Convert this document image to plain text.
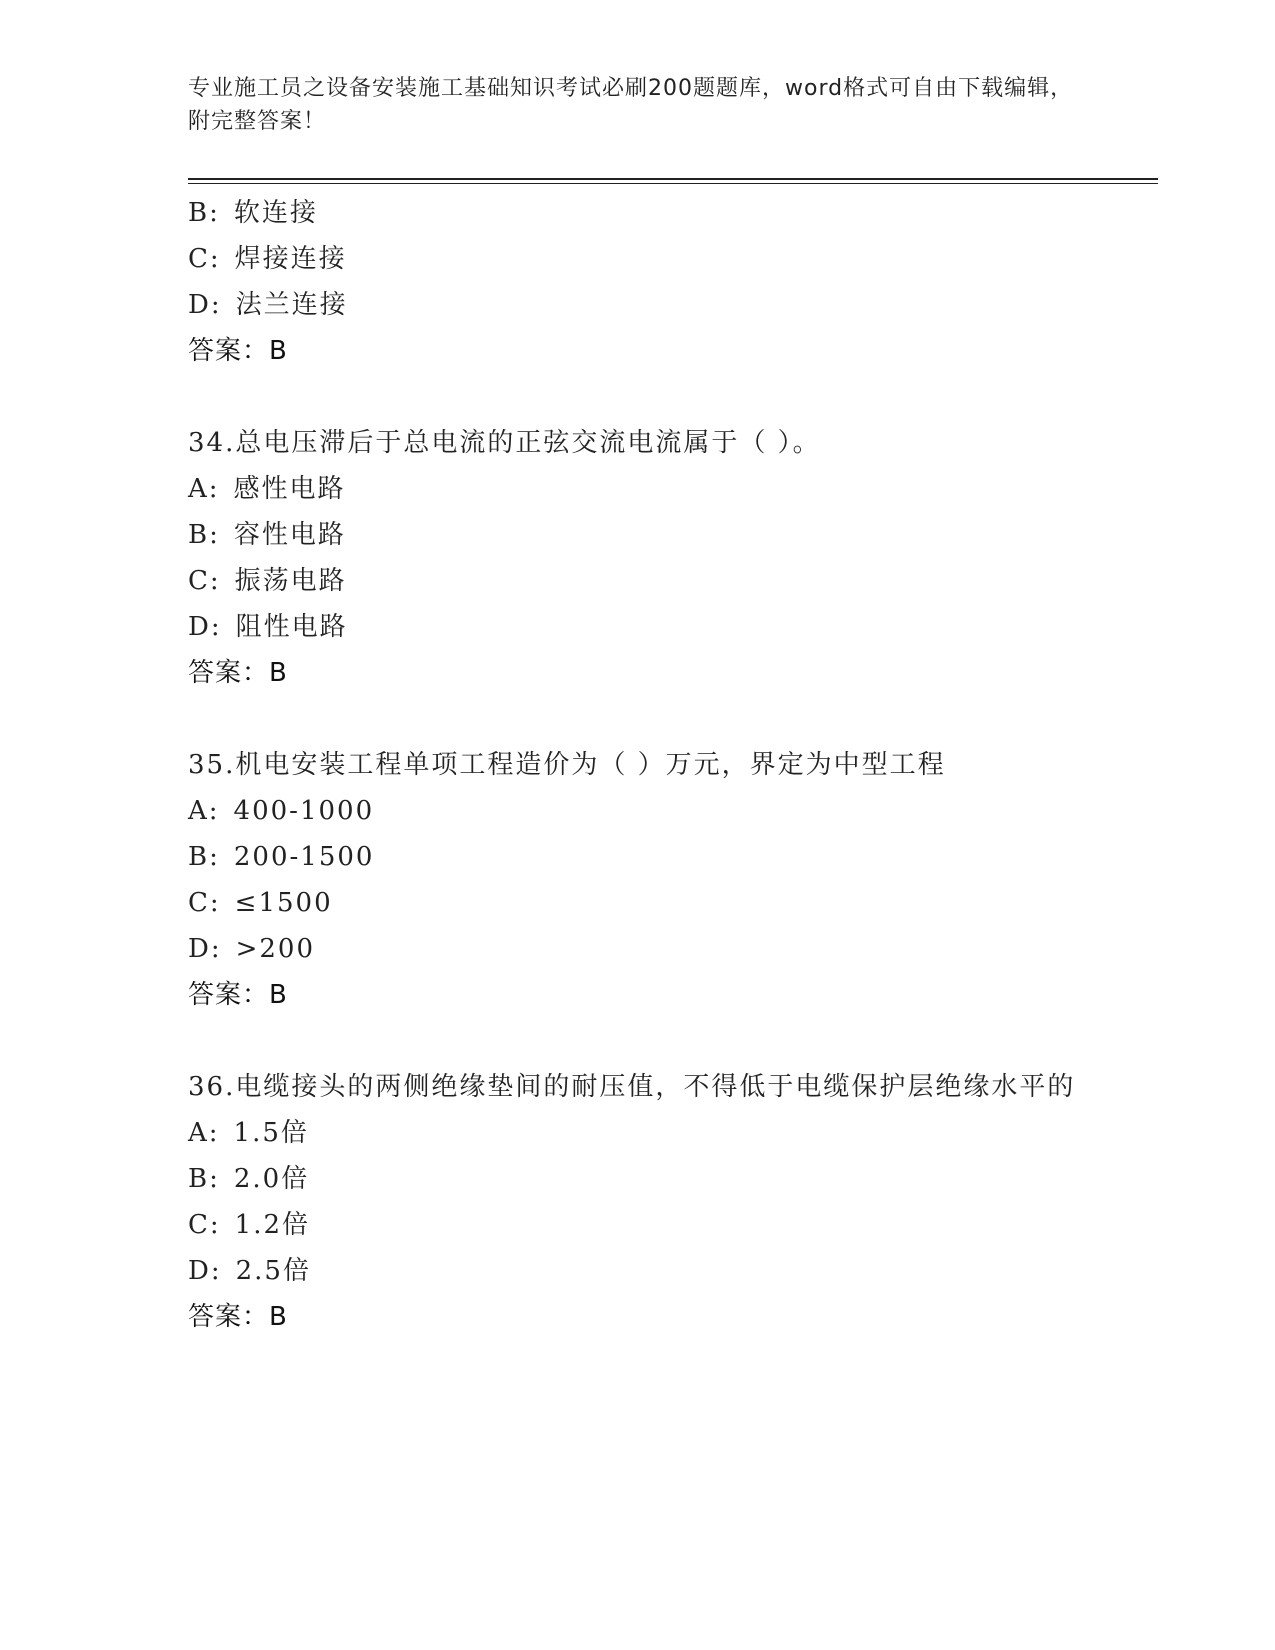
专业施工员之设备安装施工基础知识考试必刷200题题库，word格式可自由下载编辑，附完整答案！
B: 软连接
C: 焊接连接
D: 法兰连接
答案：B
34.总电压滞后于总电流的正弦交流电流属于（ ）。
A: 感性电路
B: 容性电路
C: 振荡电路
D: 阻性电路
答案：B
35.机电安装工程单项工程造价为（ ）万元，界定为中型工程
A: 400-1000
B: 200-1500
C: ≤1500
D: >200
答案：B
36.电缆接头的两侧绝缘垫间的耐压值，不得低于电缆保护层绝缘水平的
A: 1.5倍
B: 2.0倍
C: 1.2倍
D: 2.5倍
答案：B
